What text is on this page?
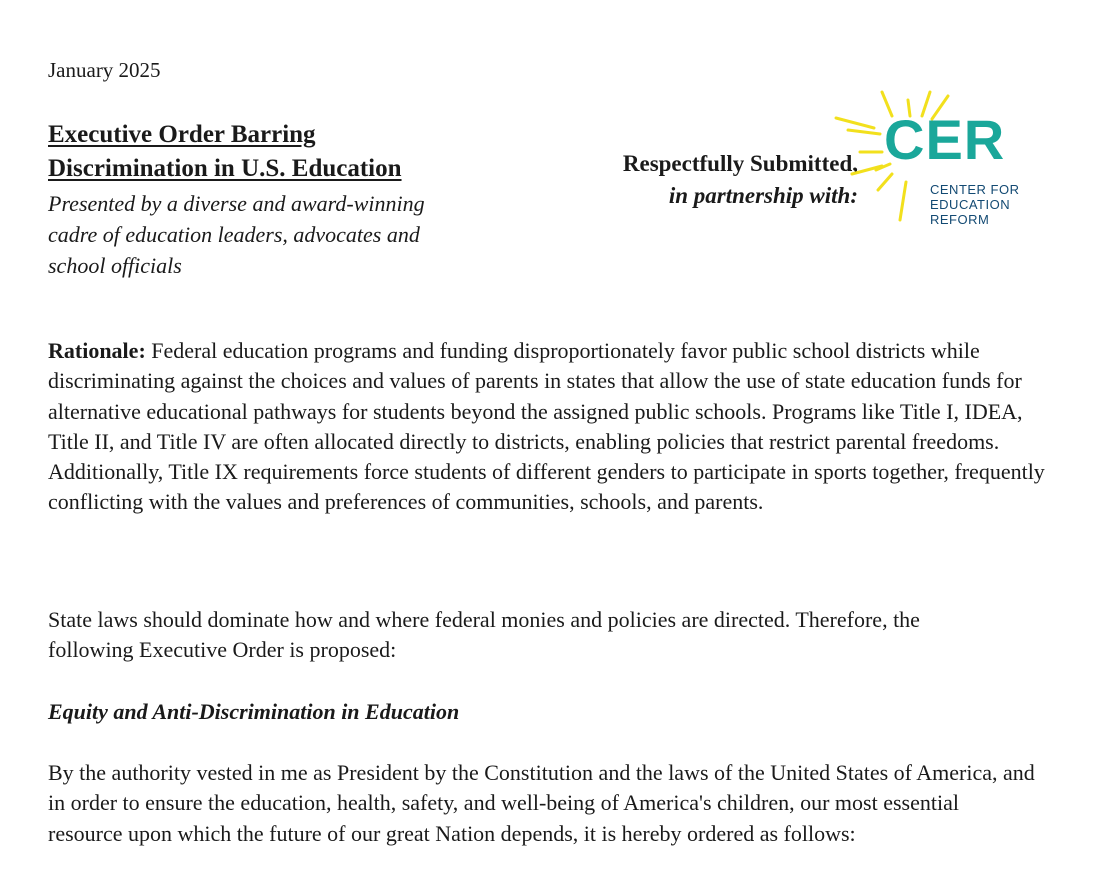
January 2025
Executive Order Barring
Discrimination in U.S. Education
Presented by a diverse and award-winning
cadre of education leaders, advocates and
school officials
Respectfully Submitted,
in partnership with:
CER
CENTER FOR
EDUCATION
REFORM

Rationale: Federal education programs and funding disproportionately favor public school districts while discriminating against the choices and values of parents in states that allow the use of state education funds for alternative educational pathways for students beyond the assigned public schools. Programs like Title I, IDEA, Title II, and Title IV are often allocated directly to districts, enabling policies that restrict parental freedoms. Additionally, Title IX requirements force students of different genders to participate in sports together, frequently conflicting with the values and preferences of communities, schools, and parents.

State laws should dominate how and where federal monies and policies are directed. Therefore, the following Executive Order is proposed:

Equity and Anti-Discrimination in Education

By the authority vested in me as President by the Constitution and the laws of the United States of America, and in order to ensure the education, health, safety, and well-being of America's children, our most essential resource upon which the future of our great Nation depends, it is hereby ordered as follows:
